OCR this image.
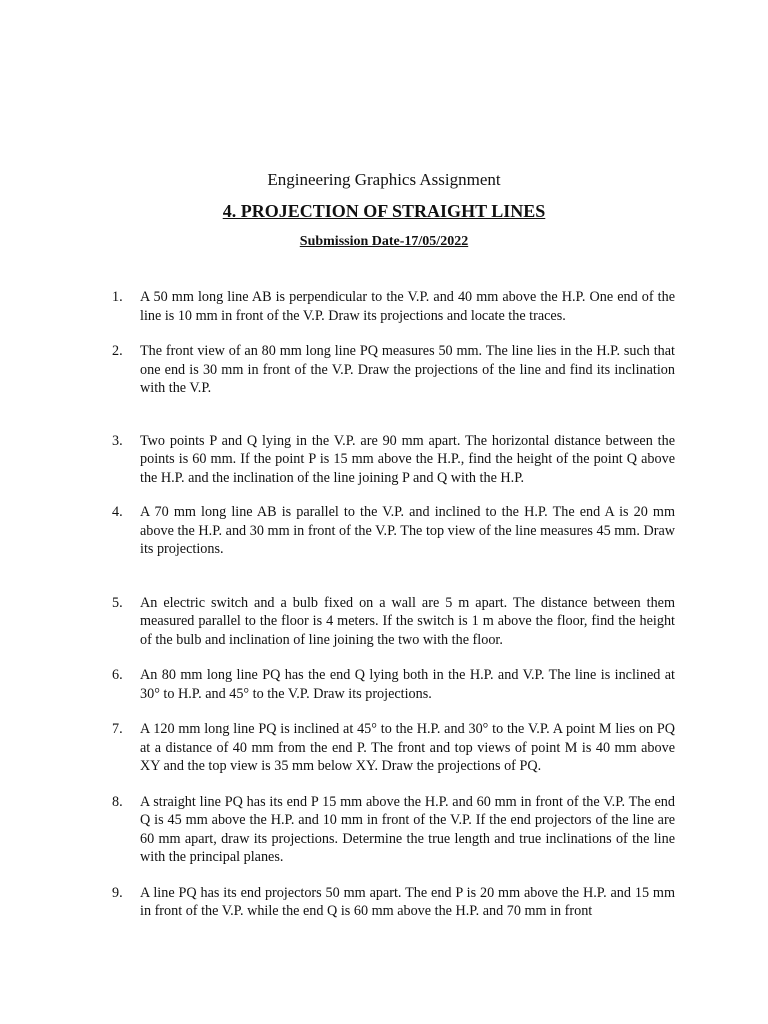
Engineering Graphics Assignment
4. PROJECTION OF STRAIGHT LINES
Submission Date-17/05/2022
1. A 50 mm long line AB is perpendicular to the V.P. and 40 mm above the H.P. One end of the line is 10 mm in front of the V.P. Draw its projections and locate the traces.
2. The front view of an 80 mm long line PQ measures 50 mm. The line lies in the H.P. such that one end is 30 mm in front of the V.P. Draw the projections of the line and find its inclination with the V.P.
3. Two points P and Q lying in the V.P. are 90 mm apart. The horizontal distance between the points is 60 mm. If the point P is 15 mm above the H.P., find the height of the point Q above the H.P. and the inclination of the line joining P and Q with the H.P.
4. A 70 mm long line AB is parallel to the V.P. and inclined to the H.P. The end A is 20 mm above the H.P. and 30 mm in front of the V.P. The top view of the line measures 45 mm. Draw its projections.
5. An electric switch and a bulb fixed on a wall are 5 m apart. The distance between them measured parallel to the floor is 4 meters. If the switch is 1 m above the floor, find the height of the bulb and inclination of line joining the two with the floor.
6. An 80 mm long line PQ has the end Q lying both in the H.P. and V.P. The line is inclined at 30° to H.P. and 45° to the V.P. Draw its projections.
7. A 120 mm long line PQ is inclined at 45° to the H.P. and 30° to the V.P. A point M lies on PQ at a distance of 40 mm from the end P. The front and top views of point M is 40 mm above XY and the top view is 35 mm below XY. Draw the projections of PQ.
8. A straight line PQ has its end P 15 mm above the H.P. and 60 mm in front of the V.P. The end Q is 45 mm above the H.P. and 10 mm in front of the V.P. If the end projectors of the line are 60 mm apart, draw its projections. Determine the true length and true inclinations of the line with the principal planes.
9. A line PQ has its end projectors 50 mm apart. The end P is 20 mm above the H.P. and 15 mm in front of the V.P. while the end Q is 60 mm above the H.P. and 70 mm in front
